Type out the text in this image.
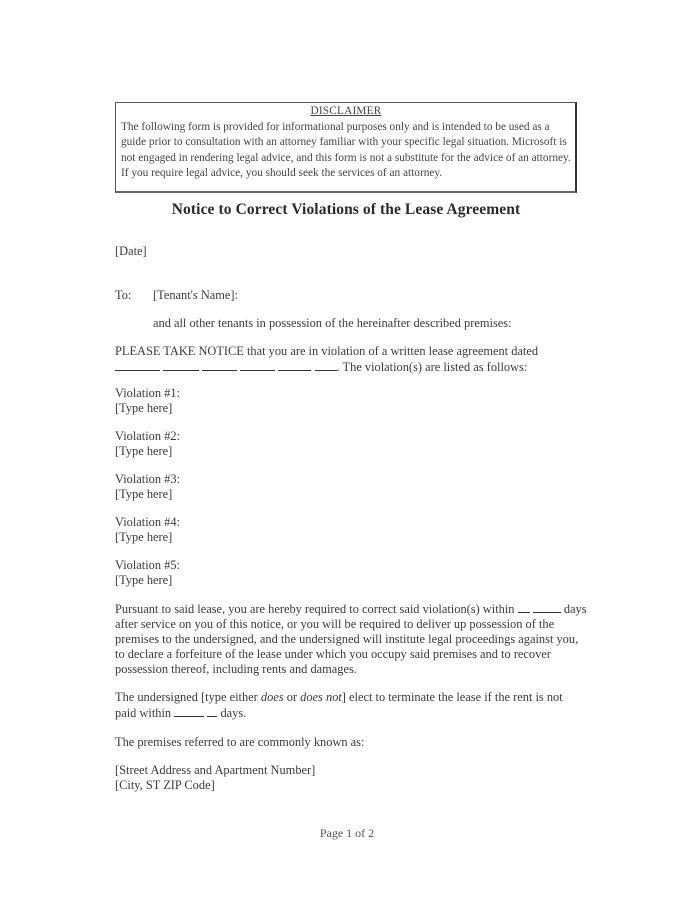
DISCLAIMER
The following form is provided for informational purposes only and is intended to be used as a guide prior to consultation with an attorney familiar with your specific legal situation. Microsoft is not engaged in rendering legal advice, and this form is not a substitute for the advice of an attorney. If you require legal advice, you should seek the services of an attorney.
Notice to Correct Violations of the Lease Agreement
[Date]
To: [Tenant's Name]:
and all other tenants in possession of the hereinafter described premises:
PLEASE TAKE NOTICE that you are in violation of a written lease agreement dated
. The violation(s) are listed as follows:
Violation #1:
[Type here]
Violation #2:
[Type here]
Violation #3:
[Type here]
Violation #4:
[Type here]
Violation #5:
[Type here]
Pursuant to said lease, you are hereby required to correct said violation(s) within	days after service on you of this notice, or you will be required to deliver up possession of the premises to the undersigned, and the undersigned will institute legal proceedings against you, to declare a forfeiture of the lease under which you occupy said premises and to recover possession thereof, including rents and damages.
The undersigned [type either does or does not] elect to terminate the lease if the rent is not paid within	days.
The premises referred to are commonly known as:
[Street Address and Apartment Number]
[City, ST ZIP Code]
Page 1 of 2
